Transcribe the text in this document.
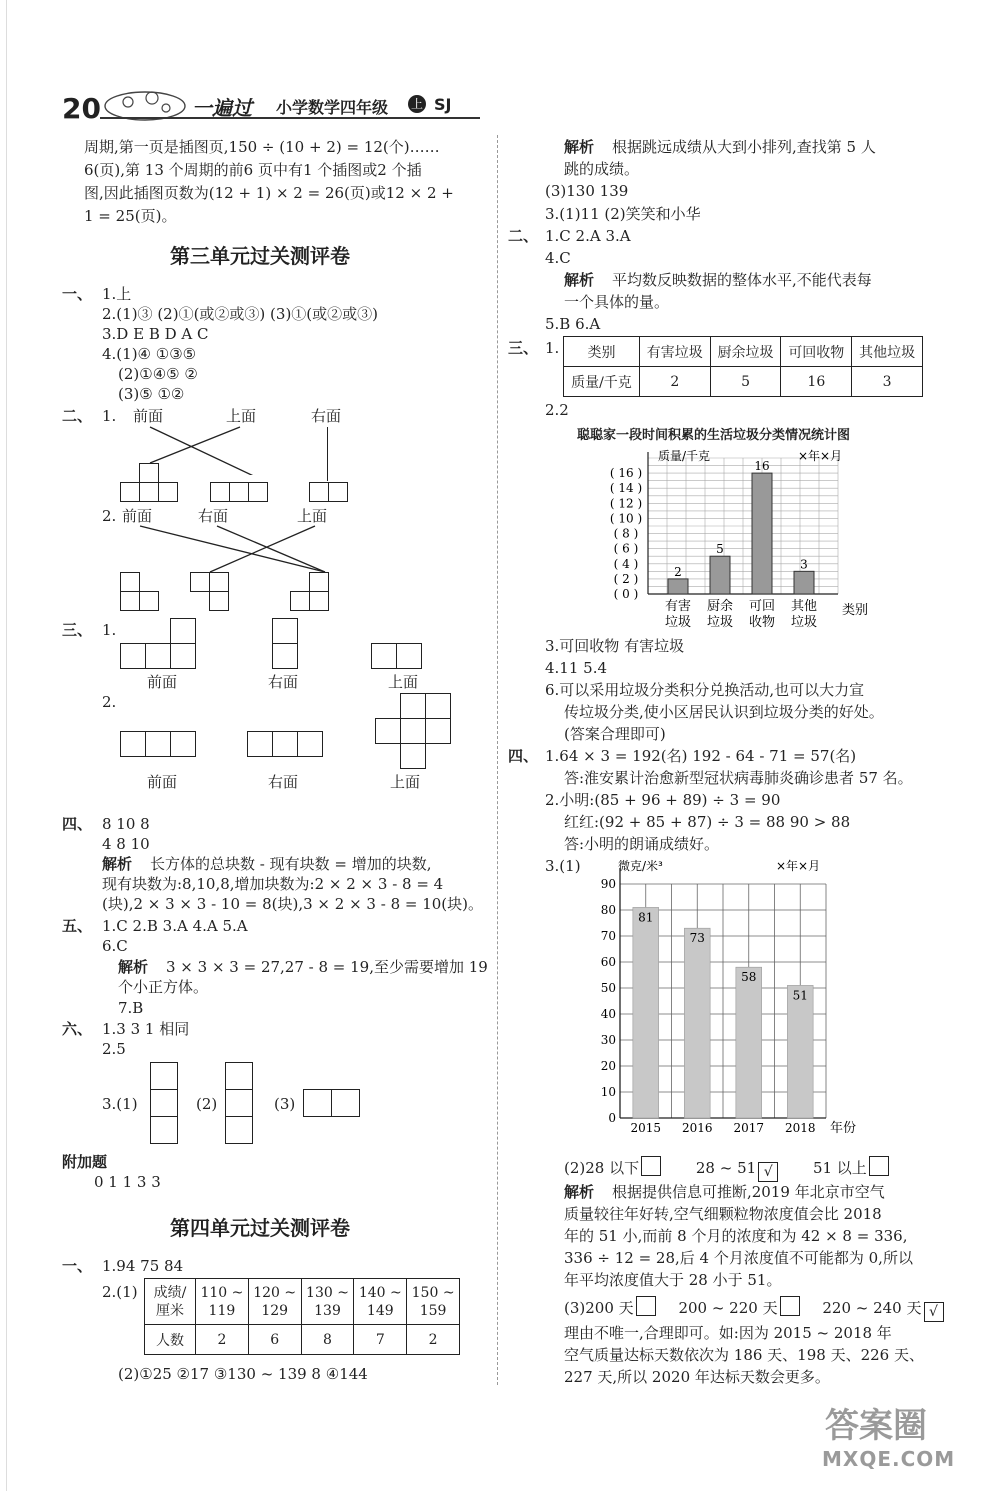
20	一遍过 小学数学四年级 上 SJ
周期,第一页是插图页,150 ÷ (10 + 2) = 12(个)……
6(页),第 13 个周期的前6 页中有1 个插图或2 个插
图,因此插图页数为(12 + 1) × 2 = 26(页)或12 × 2 +
1 = 25(页)。
第三单元过关测评卷
一、 1.上
2.(1)③ (2)①(或②或③) (3)①(或②或③)
3.D E B D A C
4.(1)④ ①③⑤
(2)①④⑤ ②
(3)⑤ ①②
二、 1. 前面	上面	右面
2. 前面	右面	上面
三、 1.
前面	右面	上面
2.
前面	右面	上面
四、 8 10 8
4 8 10
解析 长方体的总块数 - 现有块数 = 增加的块数,
现有块数为:8,10,8,增加块数为:2 × 2 × 3 - 8 = 4
(块),2 × 3 × 3 - 10 = 8(块),3 × 2 × 3 - 8 = 10(块)。
五、 1.C 2.B 3.A 4.A 5.A
6.C
解析 3 × 3 × 3 = 27,27 - 8 = 19,至少需要增加 19
个小正方体。
7.B
六、 1.3 3 1 相同
2.5
3.(1)	(2)	(3)
附加题
0 1 1 3 3
第四单元过关测评卷
一、 1.94 75 84
2.(1) 成绩/厘米	110 ~ 119	120 ~ 129	130 ~ 139	140 ~ 149	150 ~ 159
人数	2	6	8	7	2
(2)①25 ②17 ③130 ~ 139 8 ④144
解析 根据跳远成绩从大到小排列,查找第 5 人
跳的成绩。
(3)130 139
3.(1)11 (2)笑笑和小华
二、 1.C 2.A 3.A
4.C
解析 平均数反映数据的整体水平,不能代表每
一个具体的量。
5.B 6.A
三、 1. 类别	有害垃圾	厨余垃圾	可回收物	其他垃圾
质量/千克	2	5	16	3
2.2
聪聪家一段时间积累的生活垃圾分类情况统计图
( 16 )
( 14 )
( 12 )
( 10 )
( 8 )
( 6 )
( 4 )
( 2 )
( 0 )
质量/千克	×年×月
2
有害
垃圾
5
厨余
垃圾
16
可回
收物
3
其他
垃圾
类别
3.可回收物 有害垃圾
4.11 5.4
6.可以采用垃圾分类积分兑换活动,也可以大力宣
传垃圾分类,使小区居民认识到垃圾分类的好处。
(答案合理即可)
四、 1.64 × 3 = 192(名) 192 - 64 - 71 = 57(名)
答:淮安累计治愈新型冠状病毒肺炎确诊患者 57 名。
2.小明:(85 + 96 + 89) ÷ 3 = 90
红红:(92 + 85 + 87) ÷ 3 = 88 90 > 88
答:小明的朗诵成绩好。
3.(1)
90
80
70
60
50
40
30
20
10
0
微克/米³	×年×月
81
2015
73
2016
58
2017
51
2018 年份
(2)28 以下	28 ~ 51 √	51 以上
解析 根据提供信息可推断,2019 年北京市空气
质量较往年好转,空气细颗粒物浓度值会比 2018
年的 51 小,而前 8 个月的浓度和为 42 × 8 = 336,
336 ÷ 12 = 28,后 4 个月浓度值不可能都为 0,所以
年平均浓度值大于 28 小于 51。
(3)200 天	200 ~ 220 天	220 ~ 240 天 √
理由不唯一,合理即可。如:因为 2015 ~ 2018 年
空气质量达标天数依次为 186 天、198 天、226 天、
227 天,所以 2020 年达标天数会更多。
答案圈
MXQE.COM
